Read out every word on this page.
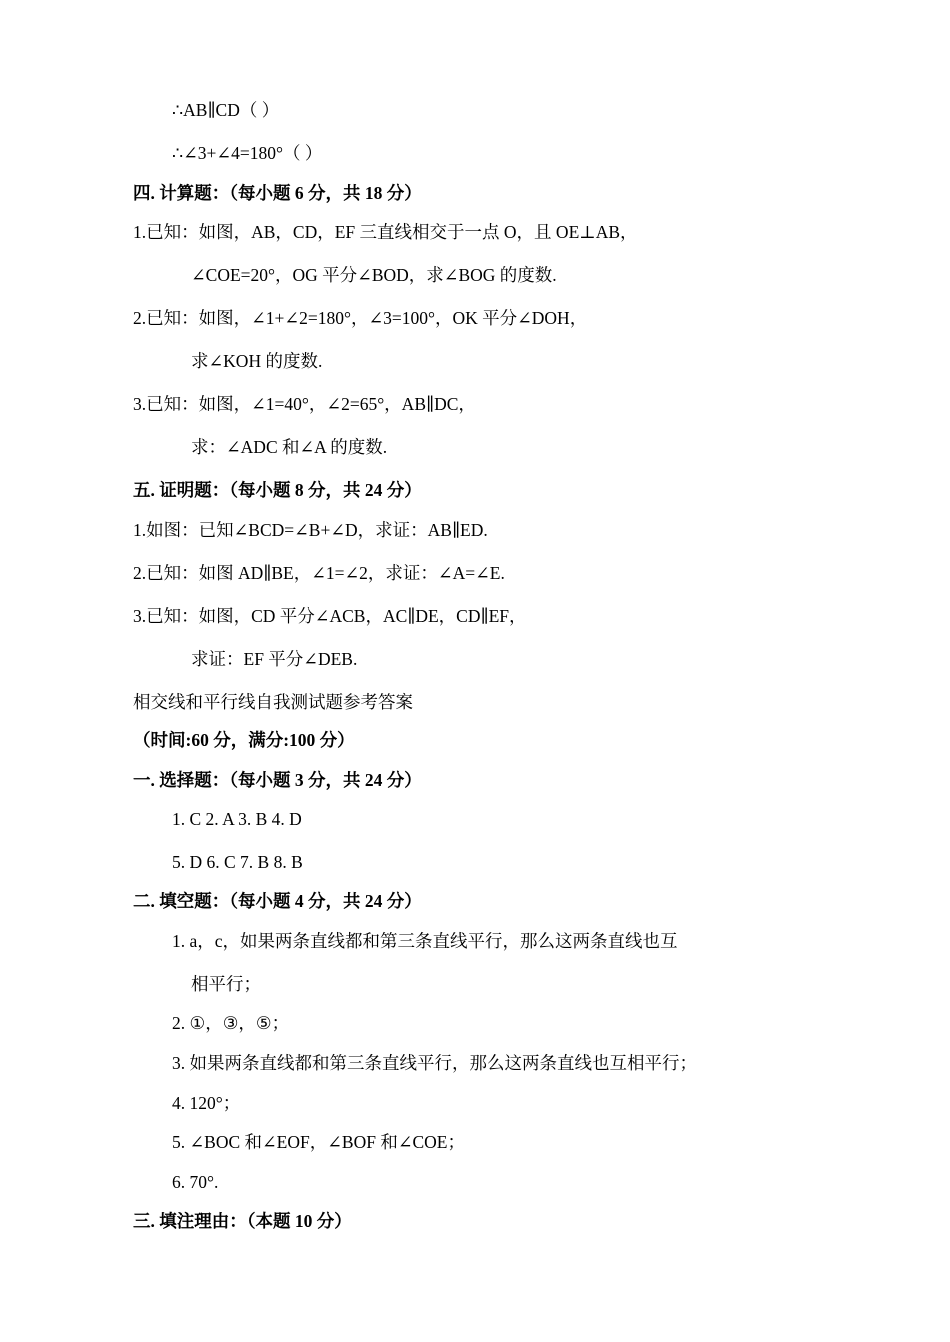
∴AB∥CD（ ）
∴∠3+∠4=180°（ ）
四. 计算题：（每小题 6 分，共 18 分）
1.已知：如图，AB，CD，EF 三直线相交于一点 O，且 OE⊥AB，
∠COE=20°，OG 平分∠BOD，求∠BOG 的度数.
2.已知：如图，∠1+∠2=180°，∠3=100°，OK 平分∠DOH，
求∠KOH 的度数.
3.已知：如图，∠1=40°，∠2=65°，AB∥DC，
求：∠ADC 和∠A 的度数.
五. 证明题：（每小题 8 分，共 24 分）
1.如图：已知∠BCD=∠B+∠D，求证：AB∥ED.
2.已知：如图 AD∥BE，∠1=∠2，求证：∠A=∠E.
3.已知：如图，CD 平分∠ACB，AC∥DE，CD∥EF，
求证：EF 平分∠DEB.
相交线和平行线自我测试题参考答案
（时间:60 分，满分:100 分）
一. 选择题：（每小题 3 分，共 24 分）
1. C 2. A 3. B 4. D
5. D 6. C 7. B 8. B
二. 填空题：（每小题 4 分，共 24 分）
1. a，c，如果两条直线都和第三条直线平行，那么这两条直线也互
相平行；
2. ①，③，⑤；
3. 如果两条直线都和第三条直线平行，那么这两条直线也互相平行；
4. 120°；
5. ∠BOC 和∠EOF，∠BOF 和∠COE；
6. 70°.
三. 填注理由：（本题 10 分）
